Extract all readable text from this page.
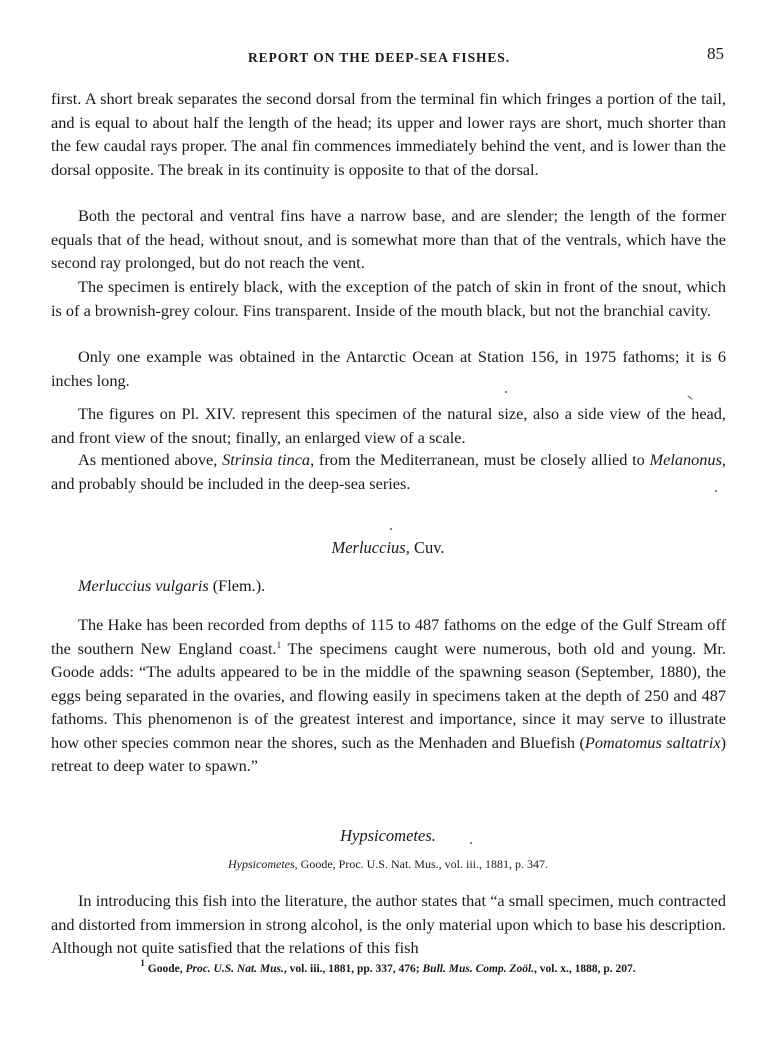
REPORT ON THE DEEP-SEA FISHES.	85

first. A short break separates the second dorsal from the terminal fin which fringes a portion of the tail, and is equal to about half the length of the head; its upper and lower rays are short, much shorter than the few caudal rays proper. The anal fin commences immediately behind the vent, and is lower than the dorsal opposite. The break in its continuity is opposite to that of the dorsal.

Both the pectoral and ventral fins have a narrow base, and are slender; the length of the former equals that of the head, without snout, and is somewhat more than that of the ventrals, which have the second ray prolonged, but do not reach the vent.

The specimen is entirely black, with the exception of the patch of skin in front of the snout, which is of a brownish-grey colour. Fins transparent. Inside of the mouth black, but not the branchial cavity.

Only one example was obtained in the Antarctic Ocean at Station 156, in 1975 fathoms; it is 6 inches long.

The figures on Pl. XIV. represent this specimen of the natural size, also a side view of the head, and front view of the snout; finally, an enlarged view of a scale.

As mentioned above, Strinsia tinca, from the Mediterranean, must be closely allied to Melanonus, and probably should be included in the deep-sea series.

Merluccius, Cuv.

Merluccius vulgaris (Flem.).

The Hake has been recorded from depths of 115 to 487 fathoms on the edge of the Gulf Stream off the southern New England coast.$^1$ The specimens caught were numerous, both old and young. Mr. Goode adds: “The adults appeared to be in the middle of the spawning season (September, 1880), the eggs being separated in the ovaries, and flowing easily in specimens taken at the depth of 250 and 487 fathoms. This phenomenon is of the greatest interest and importance, since it may serve to illustrate how other species common near the shores, such as the Menhaden and Bluefish (Pomatomus saltatrix) retreat to deep water to spawn.”

Hypsicometes.

Hypsicometes, Goode, Proc. U.S. Nat. Mus., vol. iii., 1881, p. 347.

In introducing this fish into the literature, the author states that “a small specimen, much contracted and distorted from immersion in strong alcohol, is the only material upon which to base his description. Although not quite satisfied that the relations of this fish

$^1$ Goode, Proc. U.S. Nat. Mus., vol. iii., 1881, pp. 337, 476; Bull. Mus. Comp. Zoöl., vol. x., 1888, p. 207.
